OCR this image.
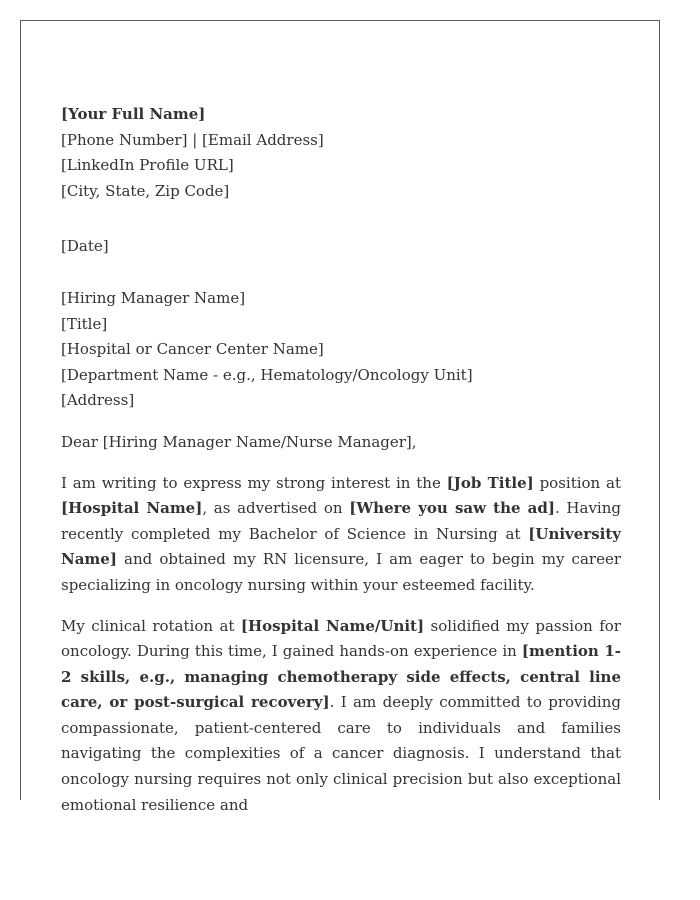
[Your Full Name]
[Phone Number] | [Email Address]
[LinkedIn Profile URL]
[City, State, Zip Code]
[Date]
[Hiring Manager Name]
[Title]
[Hospital or Cancer Center Name]
[Department Name - e.g., Hematology/Oncology Unit]
[Address]

Dear [Hiring Manager Name/Nurse Manager],

I am writing to express my strong interest in the [Job Title] position at [Hospital Name], as advertised on [Where you saw the ad]. Having recently completed my Bachelor of Science in Nursing at [University Name] and obtained my RN licensure, I am eager to begin my career specializing in oncology nursing within your esteemed facility.

My clinical rotation at [Hospital Name/Unit] solidified my passion for oncology. During this time, I gained hands-on experience in [mention 1-2 skills, e.g., managing chemotherapy side effects, central line care, or post-surgical recovery]. I am deeply committed to providing compassionate, patient-centered care to individuals and families navigating the complexities of a cancer diagnosis. I understand that oncology nursing requires not only clinical precision but also exceptional emotional resilience and
